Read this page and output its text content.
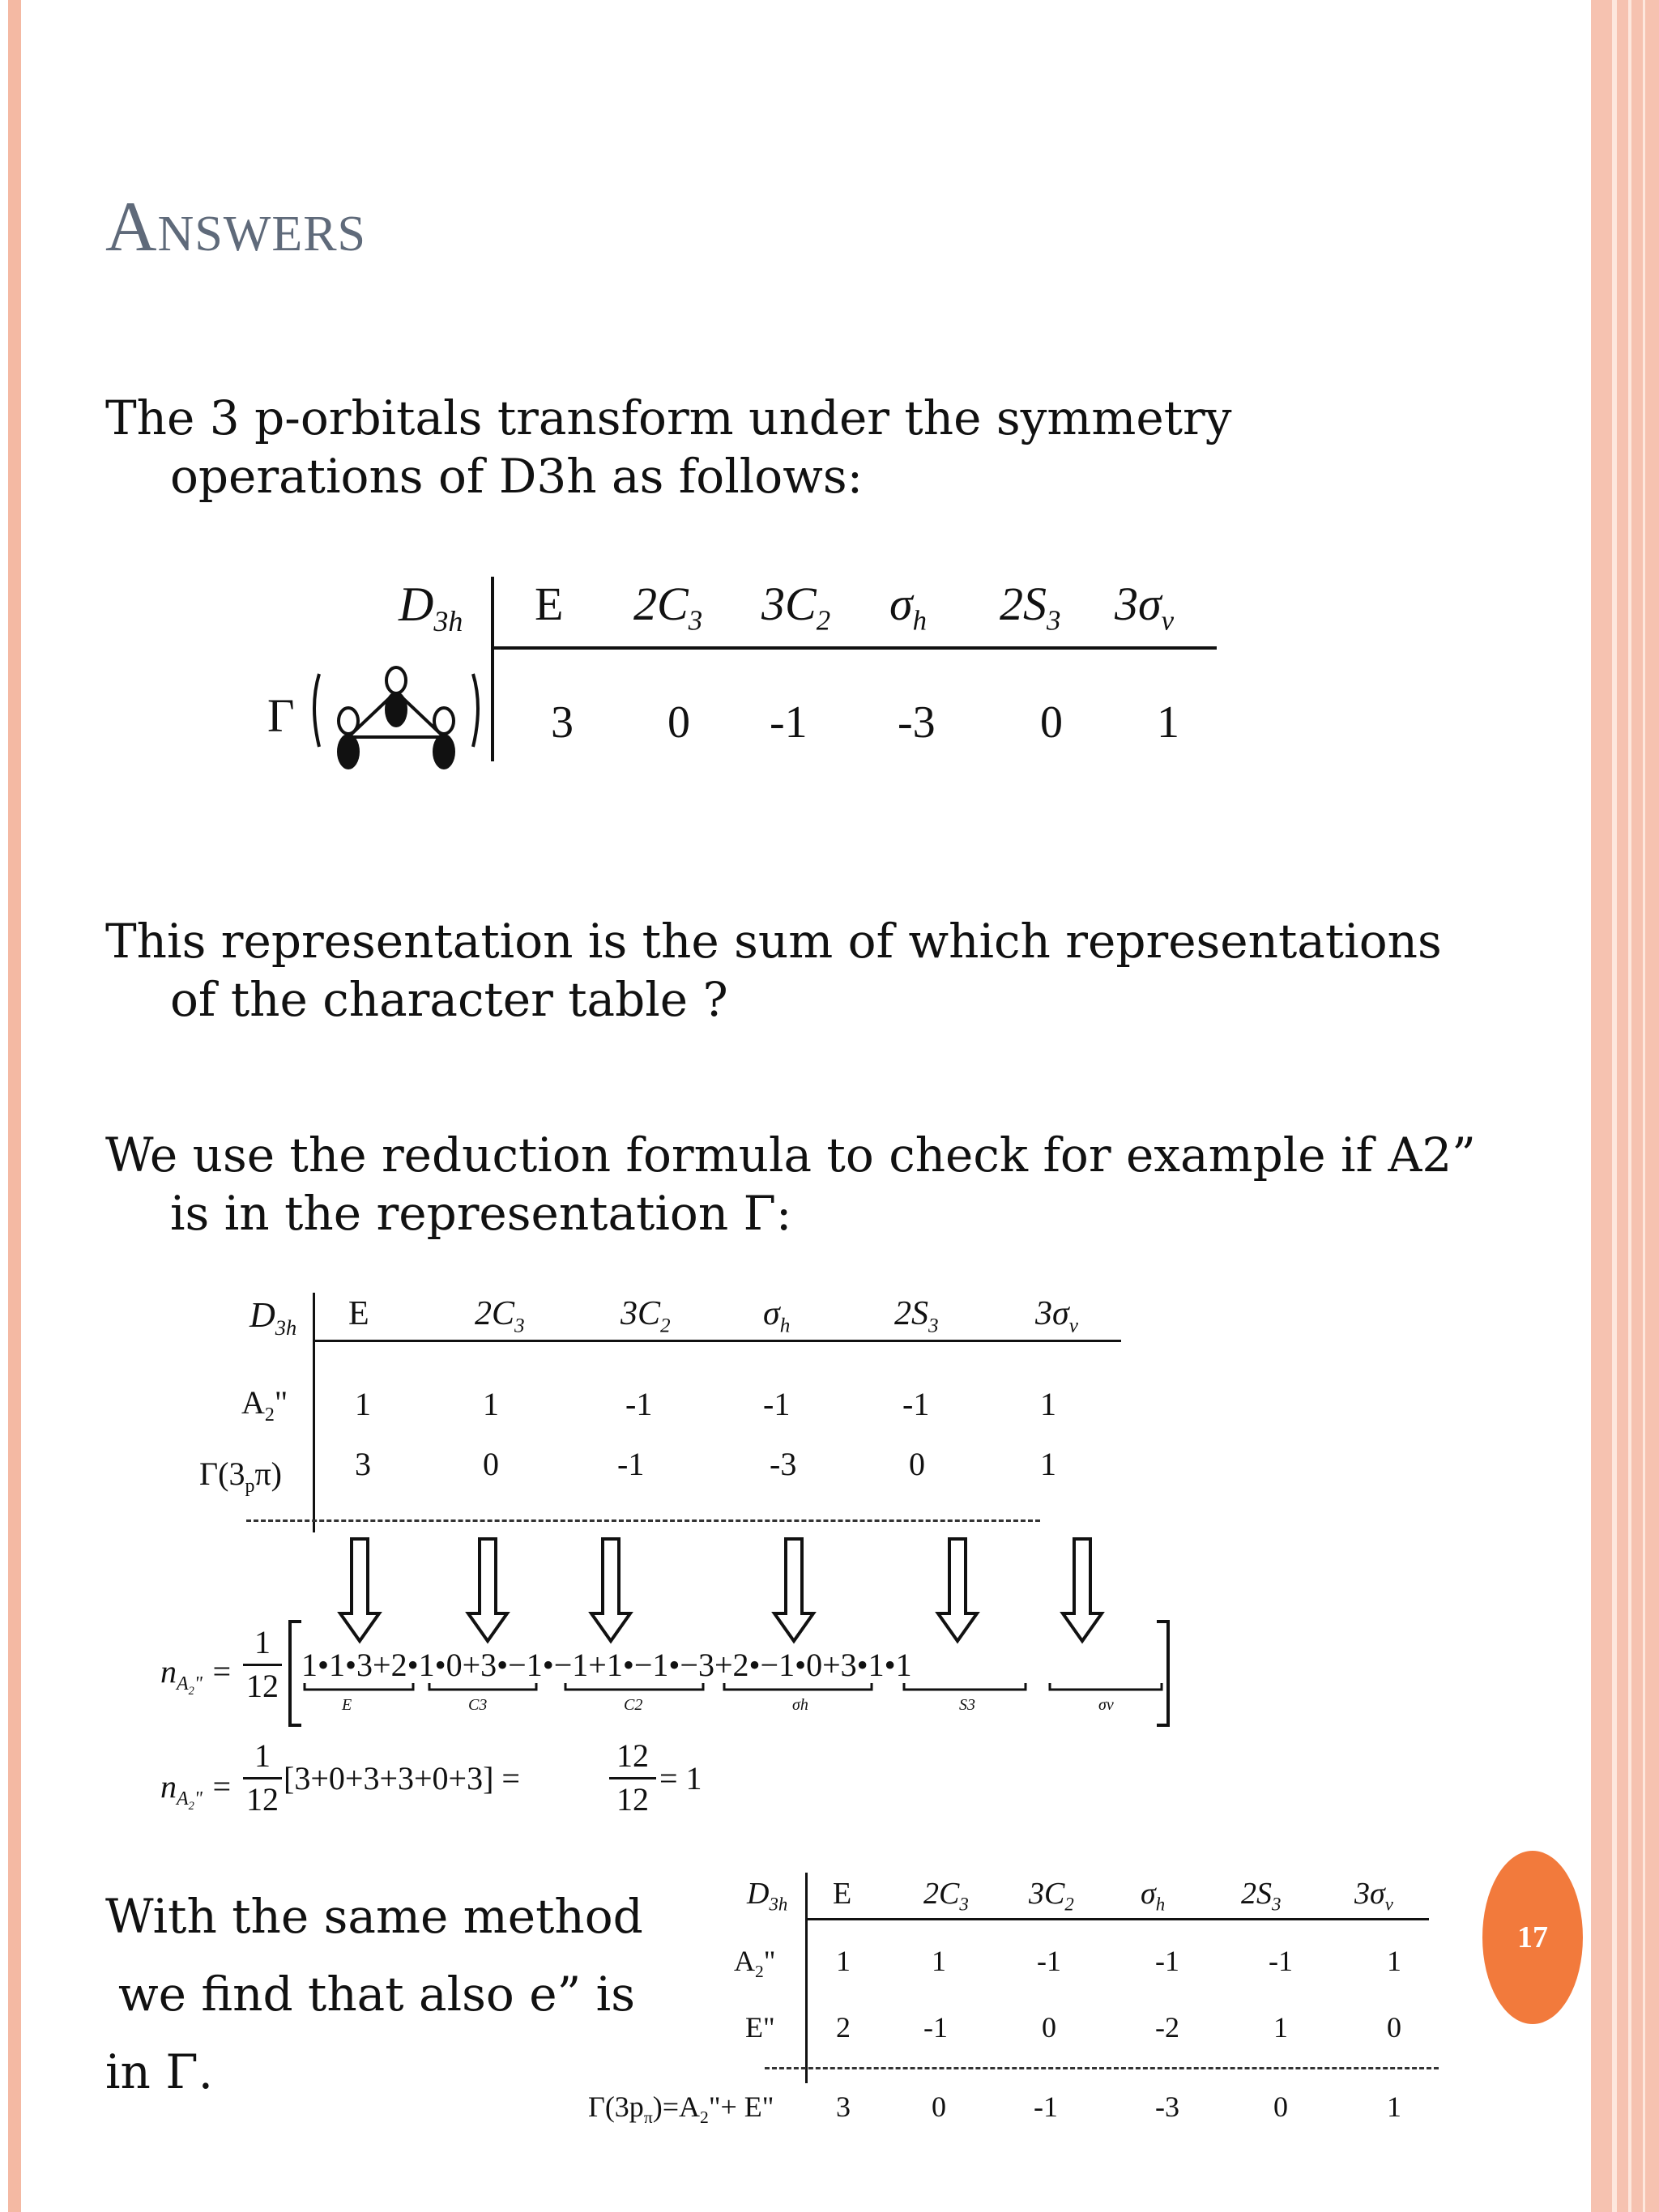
Answers
The 3 p-orbitals transform under the symmetry
operations of D3h as follows:
$D_{3h}$ E $2C_3$ $3C_2$ $\sigma_h$ $2S_3$ $3\sigma_v$
Γ	3 0 -1 -3 0 1
This representation is the sum of which representations
of the character table ?
We use the reduction formula to check for example if A2”
is in the representation Γ:
$D_{3h}$ E	$2C_3$	$3C_2$	$\sigma_h$	$2S_3$	$3\sigma_v$
$A_2$" 1	1	-1	-1	-1	1
$\Gamma(3_p\pi)$ 3	0	-1	-3	0	1
$n_{A_2"}$ =
1
12
1•1•3+2•1•0+3•−1•−1+1•−1•−3+2•−1•0+3•1•1
E	C3	C2	σh	S3	σv
$n_{A_2"}$ =
1
12
[3+0+3+3+0+3] =
12
12
= 1
With the same method
we find that also e” is
in Γ.
$D_{3h}$ E $2C_3$ $3C_2$ $\sigma_h$ $2S_3$ $3\sigma_v$
$A_2$" 1	1	-1	-1	-1	1
E" 2	-1	0	-2	1	0
$\Gamma(3p_\pi)=A_2"+ E$" 3	0	-1	-3	0	1
17
